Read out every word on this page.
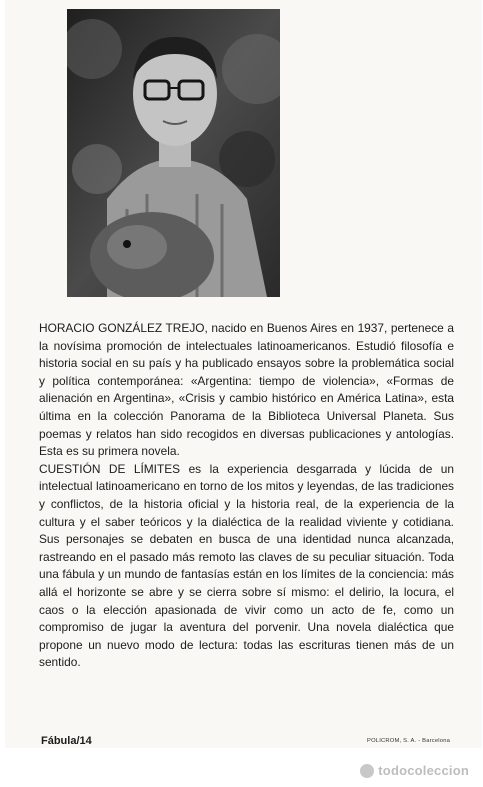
HORACIO GONZÁLEZ TREJO, nacido en Buenos Aires en 1937, pertenece a la novísima promoción de intelectuales latinoamericanos. Estudió filosofía e historia social en su país y ha publicado ensayos sobre la problemática social y política contemporánea: «Argentina: tiempo de violencia», «Formas de alienación en Argentina», «Crisis y cambio histórico en América Latina», esta última en la colección Panorama de la Biblioteca Universal Planeta. Sus poemas y relatos han sido recogidos en diversas publicaciones y antologías. Esta es su primera novela.

CUESTIÓN DE LÍMITES es la experiencia desgarrada y lúcida de un intelectual latinoamericano en torno de los mitos y leyendas, de las tradiciones y conflictos, de la historia oficial y la historia real, de la experiencia de la cultura y el saber teóricos y la dialéctica de la realidad viviente y cotidiana. Sus personajes se debaten en busca de una identidad nunca alcanzada, rastreando en el pasado más remoto las claves de su peculiar situación. Toda una fábula y un mundo de fantasías están en los límites de la conciencia: más allá el horizonte se abre y se cierra sobre sí mismo: el delirio, la locura, el caos o la elección apasionada de vivir como un acto de fe, como un compromiso de jugar la aventura del porvenir. Una novela dialéctica que propone un nuevo modo de lectura: todas las escrituras tienen más de un sentido.

Fábula/14	POLICROM, S. A. - Barcelona
todocoleccion
